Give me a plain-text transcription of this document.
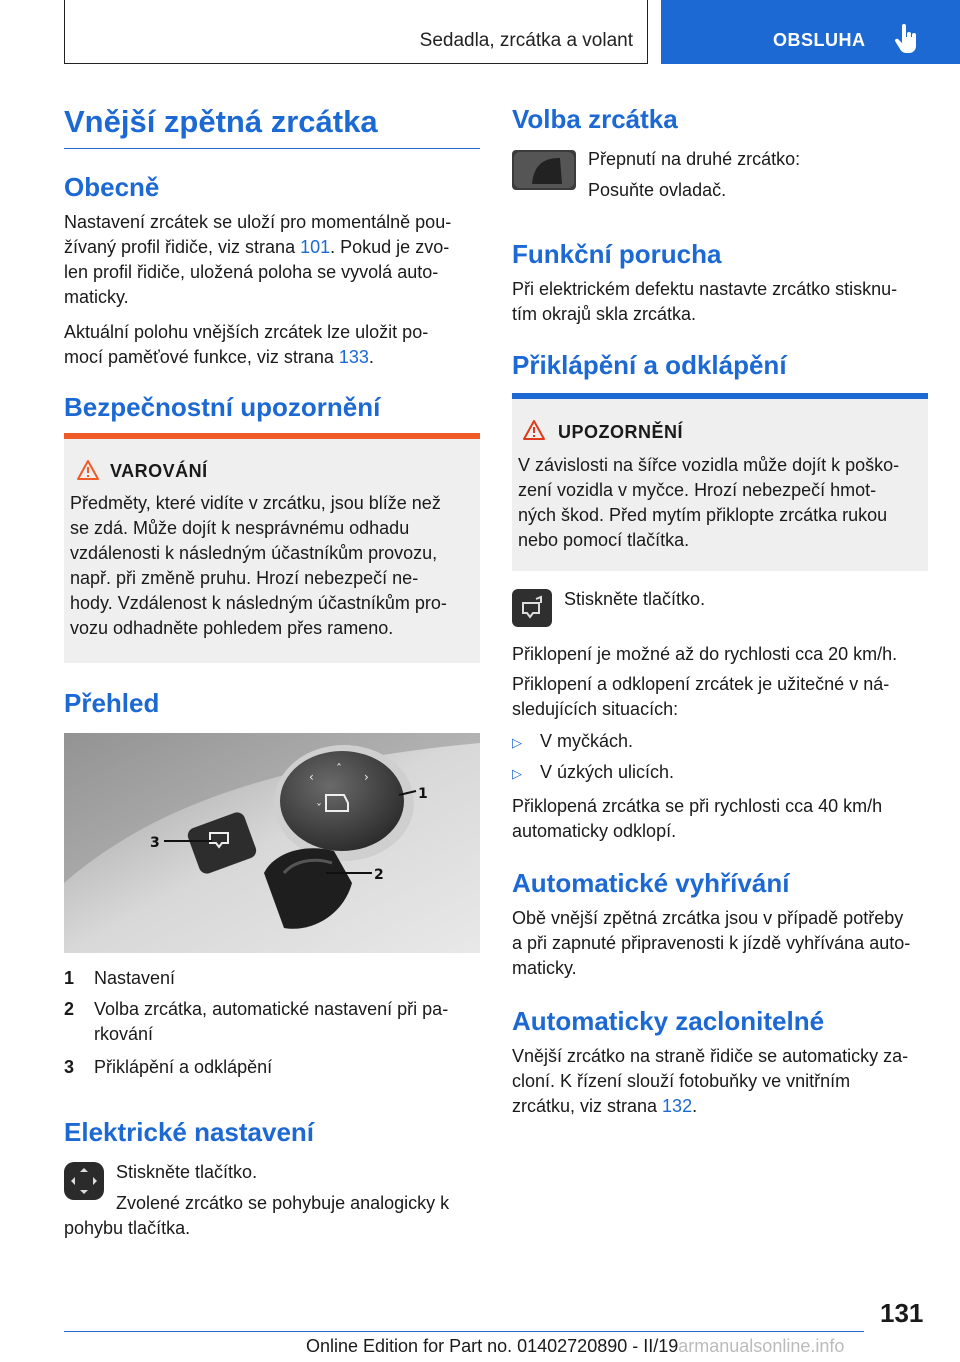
Sedadla, zrcátka a volant	OBSLUHA
Vnější zpětná zrcátka
Obecně
Nastavení zrcátek se uloží pro momentálně pou-
žívaný profil řidiče, viz strana 101. Pokud je zvo-
len profil řidiče, uložená poloha se vyvolá auto-
maticky.
Aktuální polohu vnějších zrcátek lze uložit po-
mocí paměťové funkce, viz strana 133.
Bezpečnostní upozornění
VAROVÁNÍ
Předměty, které vidíte v zrcátku, jsou blíže než
se zdá. Může dojít k nesprávnému odhadu
vzdálenosti k následným účastníkům provozu,
např. při změně pruhu. Hrozí nebezpečí ne-
hody. Vzdálenost k následným účastníkům pro-
vozu odhadněte pohledem přes rameno.
Přehled
‹
ˆ
›
ˇ
1
2
3
1	Nastavení
2	Volba zrcátka, automatické nastavení při pa-
rkování
3	Přiklápění a odklápění
Elektrické nastavení
Stiskněte tlačítko.
Zvolené zrcátko se pohybuje analogicky k
pohybu tlačítka.
Volba zrcátka
Přepnutí na druhé zrcátko:
Posuňte ovladač.
Funkční porucha
Při elektrickém defektu nastavte zrcátko stisknu-
tím okrajů skla zrcátka.
Přiklápění a odklápění
UPOZORNĚNÍ
V závislosti na šířce vozidla může dojít k poško-
zení vozidla v myčce. Hrozí nebezpečí hmot-
ných škod. Před mytím přiklopte zrcátka rukou
nebo pomocí tlačítka.
Stiskněte tlačítko.
Přiklopení je možné až do rychlosti cca 20 km/h.
Přiklopení a odklopení zrcátek je užitečné v ná-
sledujících situacích:
▷ V myčkách.
▷ V úzkých ulicích.
Přiklopená zrcátka se při rychlosti cca 40 km/h
automaticky odklopí.
Automatické vyhřívání
Obě vnější zpětná zrcátka jsou v případě potřeby
a při zapnuté připravenosti k jízdě vyhřívána auto-
maticky.
Automaticky zaclonitelné
Vnější zrcátko na straně řidiče se automaticky za-
cloní. K řízení slouží fotobuňky ve vnitřním
zrcátku, viz strana 132.
131
Online Edition for Part no. 01402720890 - II/19armanualsonline.info
